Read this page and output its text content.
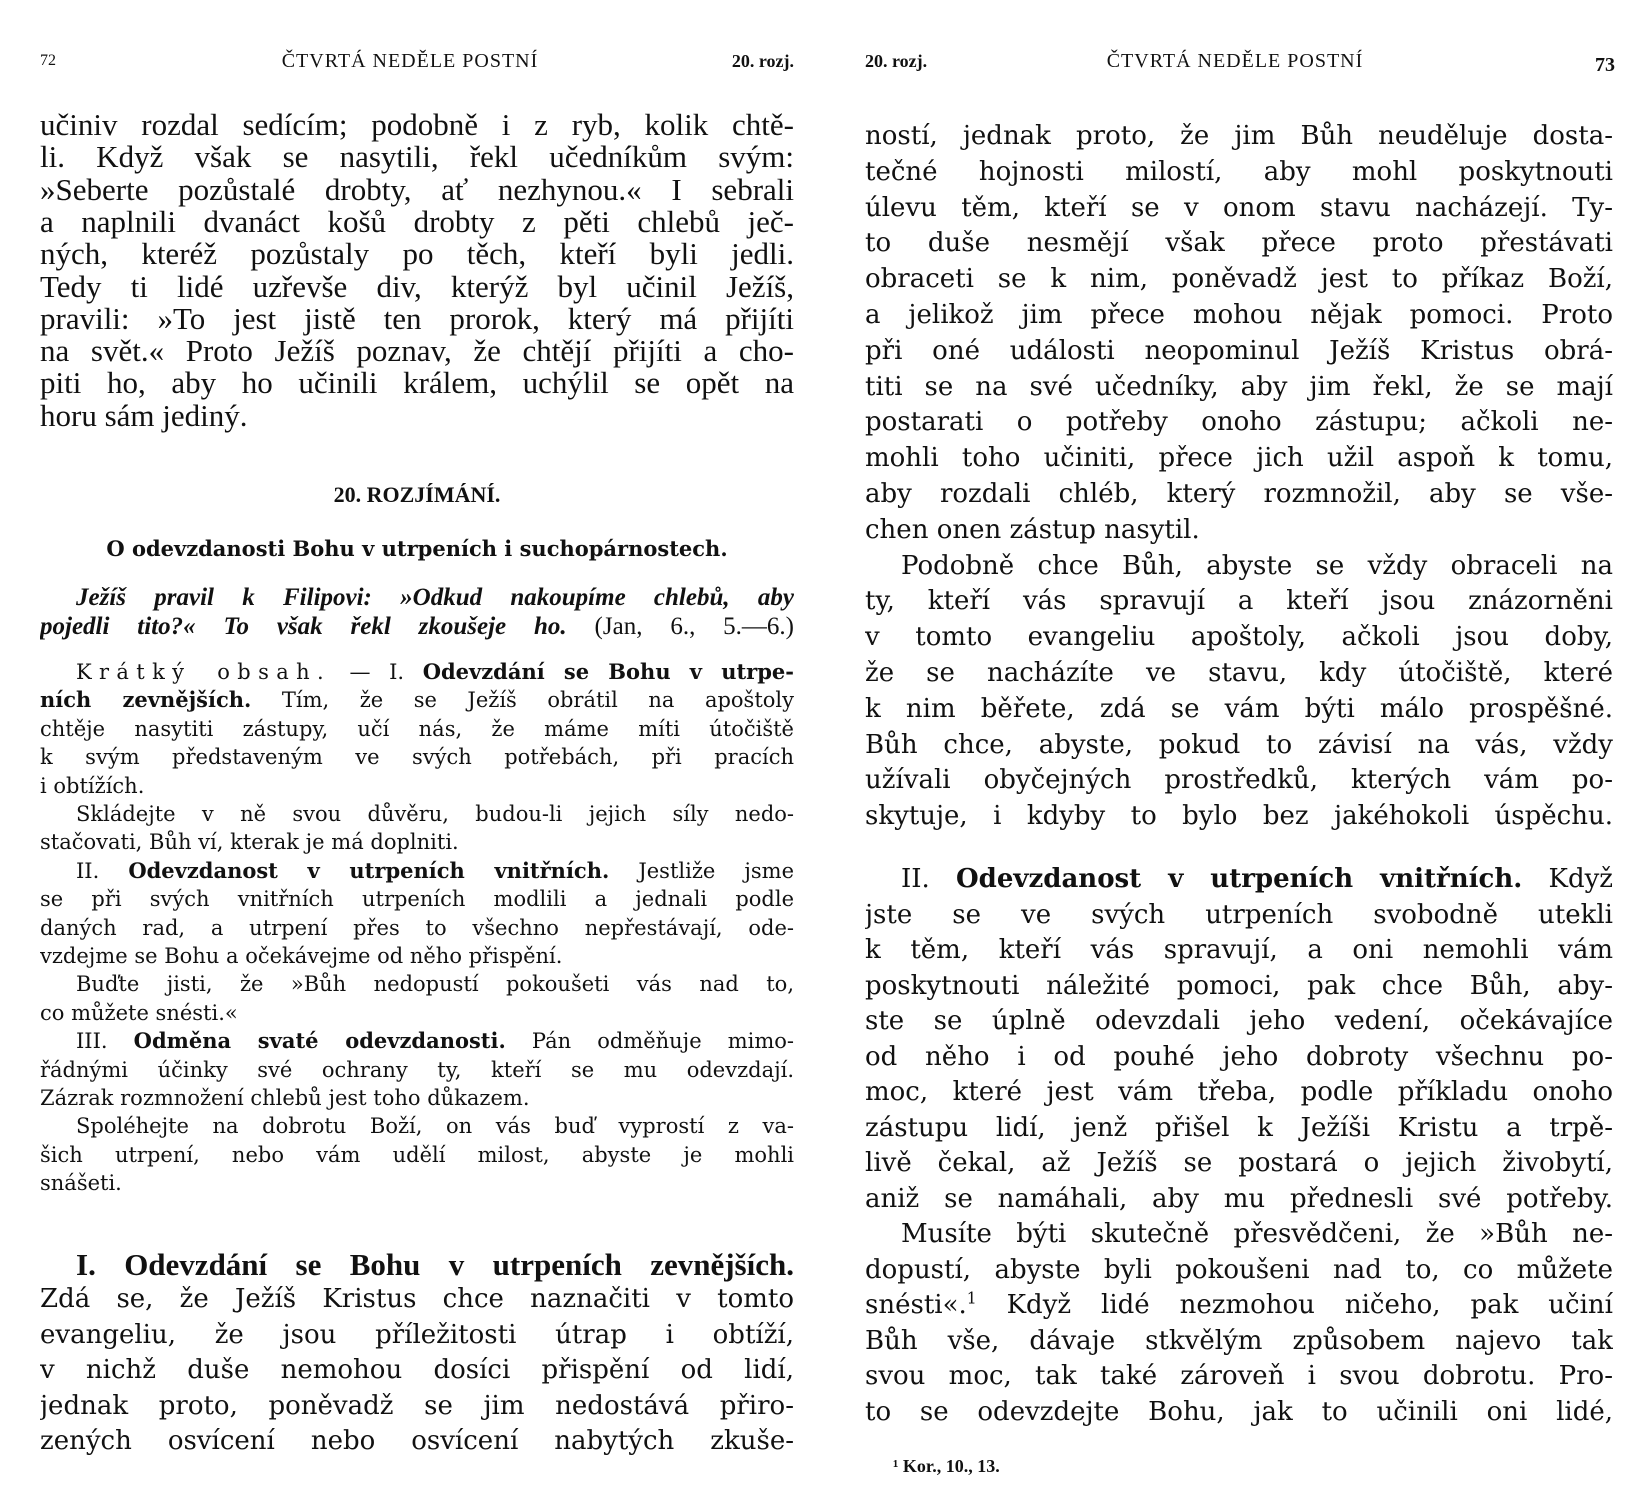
72	ČTVRTÁ NEDĚLE POSTNÍ	20. rozj.	20. rozj.	ČTVRTÁ NEDĚLE POSTNÍ	73
učiniv rozdal sedícím; podobně i z ryb, kolik chtě-
li. Když však se nasytili, řekl učedníkům svým:
»Seberte pozůstalé drobty, ať nezhynou.« I sebrali
a naplnili dvanáct košů drobty z pěti chlebů ječ-
ných, kteréž pozůstaly po těch, kteří byli jedli.
Tedy ti lidé uzřevše div, kterýž byl učinil Ježíš,
pravili: »To jest jistě ten prorok, který má přijíti
na svět.« Proto Ježíš poznav, že chtějí přijíti a cho-
piti ho, aby ho učinili králem, uchýlil se opět na
horu sám jediný.
20. ROZJÍMÁNÍ.
O odevzdanosti Bohu v utrpeních i suchopárnostech.
Ježíš pravil k Filipovi: »Odkud nakoupíme chlebů, aby
pojedli tito?« To však řekl zkoušeje ho. (Jan, 6., 5.—6.)
Krátký obsah. — I. Odevzdání se Bohu v utrpe-
ních zevnějších. Tím, že se Ježíš obrátil na apoštoly
chtěje nasytiti zástupy, učí nás, že máme míti útočiště
k svým představeným ve svých potřebách, při pracích
i obtížích.
Skládejte v ně svou důvěru, budou-li jejich síly nedo-
stačovati, Bůh ví, kterak je má doplniti.
II. Odevzdanost v utrpeních vnitřních. Jestliže jsme
se při svých vnitřních utrpeních modlili a jednali podle
daných rad, a utrpení přes to všechno nepřestávají, ode-
vzdejme se Bohu a očekávejme od něho přispění.
Buďte jisti, že »Bůh nedopustí pokoušeti vás nad to,
co můžete snésti.«
III. Odměna svaté odevzdanosti. Pán odměňuje mimo-
řádnými účinky své ochrany ty, kteří se mu odevzdají.
Zázrak rozmnožení chlebů jest toho důkazem.
Spoléhejte na dobrotu Boží, on vás buď vyprostí z va-
šich utrpení, nebo vám udělí milost, abyste je mohli
snášeti.
I. Odevzdání se Bohu v utrpeních zevnějších.
Zdá se, že Ježíš Kristus chce naznačiti v tomto
evangeliu, že jsou příležitosti útrap i obtíží,
v nichž duše nemohou dosíci přispění od lidí,
jednak proto, poněvadž se jim nedostává přiro-
zených osvícení nebo osvícení nabytých zkuše-
ností, jednak proto, že jim Bůh neuděluje dosta-
tečné hojnosti milostí, aby mohl poskytnouti
úlevu těm, kteří se v onom stavu nacházejí. Ty-
to duše nesmějí však přece proto přestávati
obraceti se k nim, poněvadž jest to příkaz Boží,
a jelikož jim přece mohou nějak pomoci. Proto
při oné události neopominul Ježíš Kristus obrá-
titi se na své učedníky, aby jim řekl, že se mají
postarati o potřeby onoho zástupu; ačkoli ne-
mohli toho učiniti, přece jich užil aspoň k tomu,
aby rozdali chléb, který rozmnožil, aby se vše-
chen onen zástup nasytil.
Podobně chce Bůh, abyste se vždy obraceli na
ty, kteří vás spravují a kteří jsou znázorněni
v tomto evangeliu apoštoly, ačkoli jsou doby,
že se nacházíte ve stavu, kdy útočiště, které
k nim běřete, zdá se vám býti málo prospěšné.
Bůh chce, abyste, pokud to závisí na vás, vždy
užívali obyčejných prostředků, kterých vám po-
skytuje, i kdyby to bylo bez jakéhokoli úspěchu.
II. Odevzdanost v utrpeních vnitřních. Když
jste se ve svých utrpeních svobodně utekli
k těm, kteří vás spravují, a oni nemohli vám
poskytnouti náležité pomoci, pak chce Bůh, aby-
ste se úplně odevzdali jeho vedení, očekávajíce
od něho i od pouhé jeho dobroty všechnu po-
moc, které jest vám třeba, podle příkladu onoho
zástupu lidí, jenž přišel k Ježíši Kristu a trpě-
livě čekal, až Ježíš se postará o jejich živobytí,
aniž se namáhali, aby mu přednesli své potřeby.
Musíte býti skutečně přesvědčeni, že »Bůh ne-
dopustí, abyste byli pokoušeni nad to, co můžete
snésti«.$^1$ Když lidé nezmohou ničeho, pak učiní
Bůh vše, dávaje stkvělým způsobem najevo tak
svou moc, tak také zároveň i svou dobrotu. Pro-
to se odevzdejte Bohu, jak to učinili oni lidé,
¹ Kor., 10., 13.
